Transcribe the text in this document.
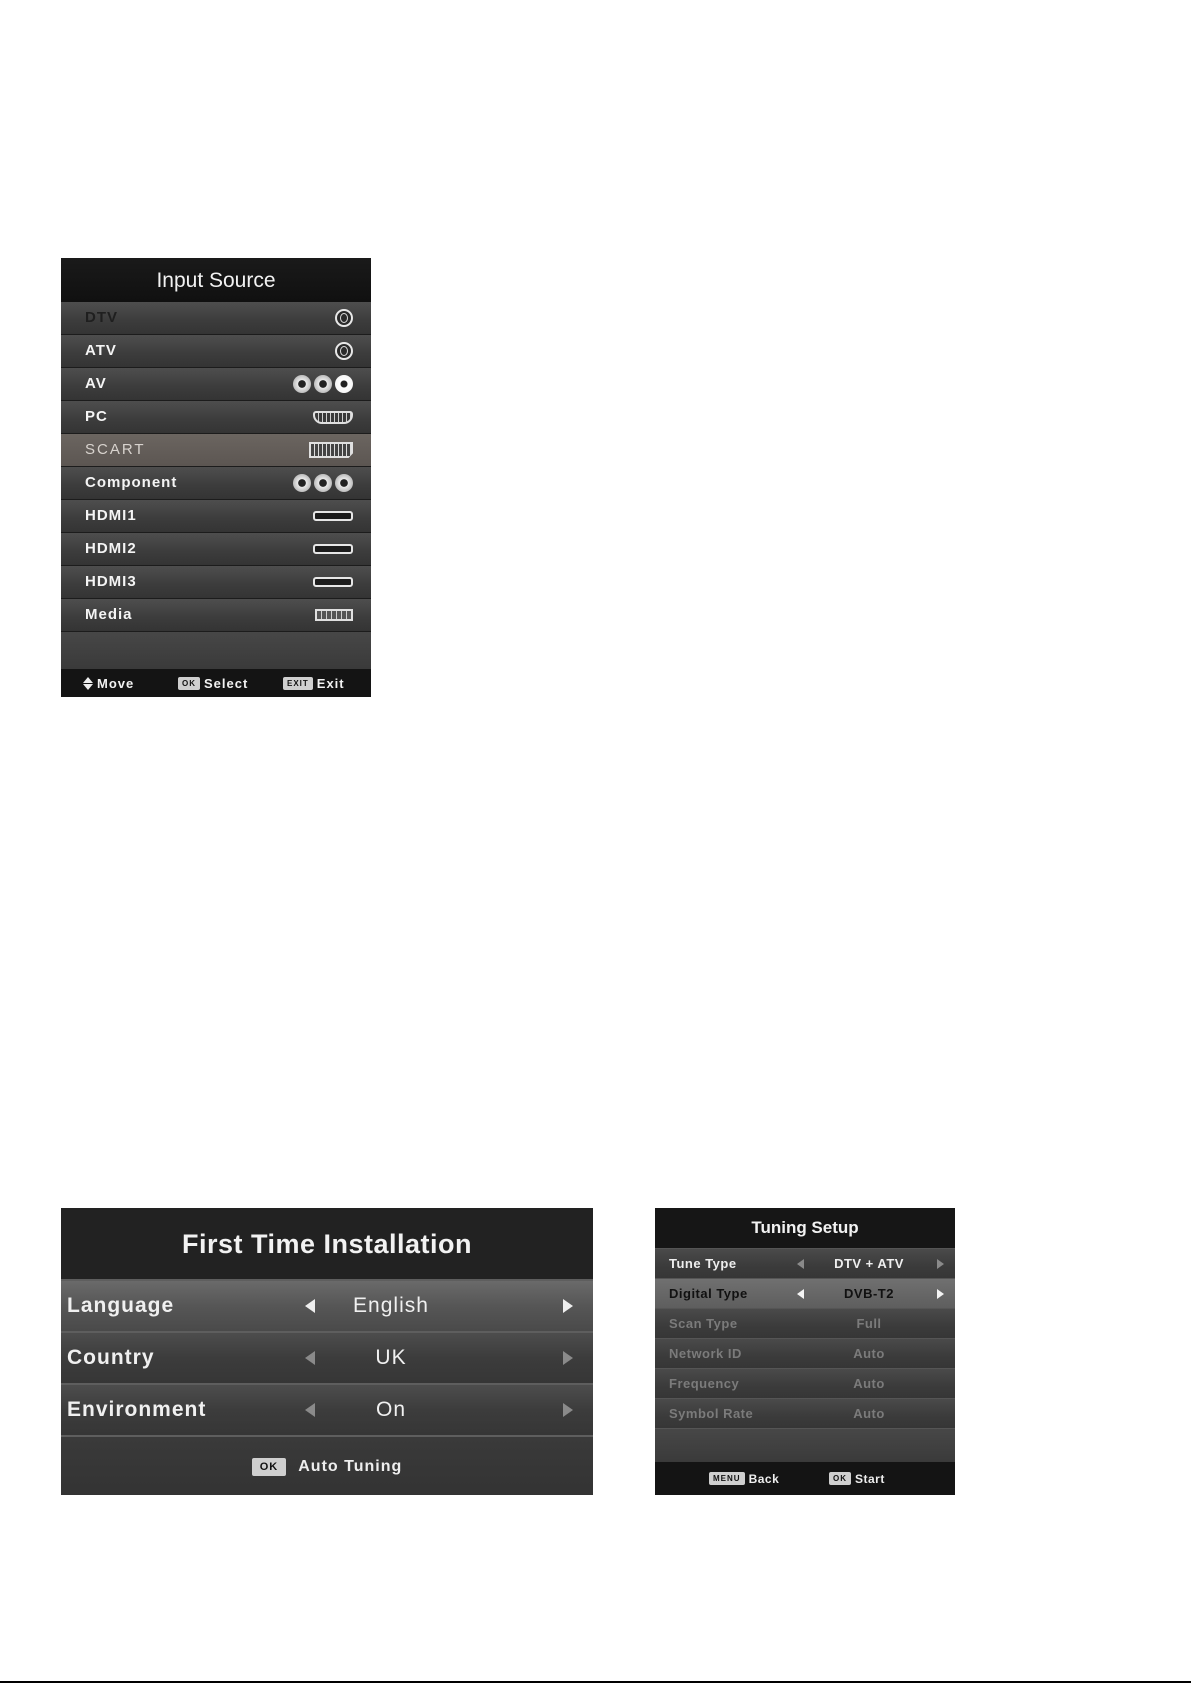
Input Source
DTV
ATV
AV
PC
SCART
Component
HDMI1
HDMI2
HDMI3
Media
Move	OK Select	EXIT Exit
First Time Installation
Language	English
Country	UK
Environment	On
OK	Auto Tuning
Tuning Setup
Tune Type	DTV + ATV
Digital Type	DVB-T2
Scan Type	Full
Network ID	Auto
Frequency	Auto
Symbol Rate	Auto
MENU Back	OK Start
